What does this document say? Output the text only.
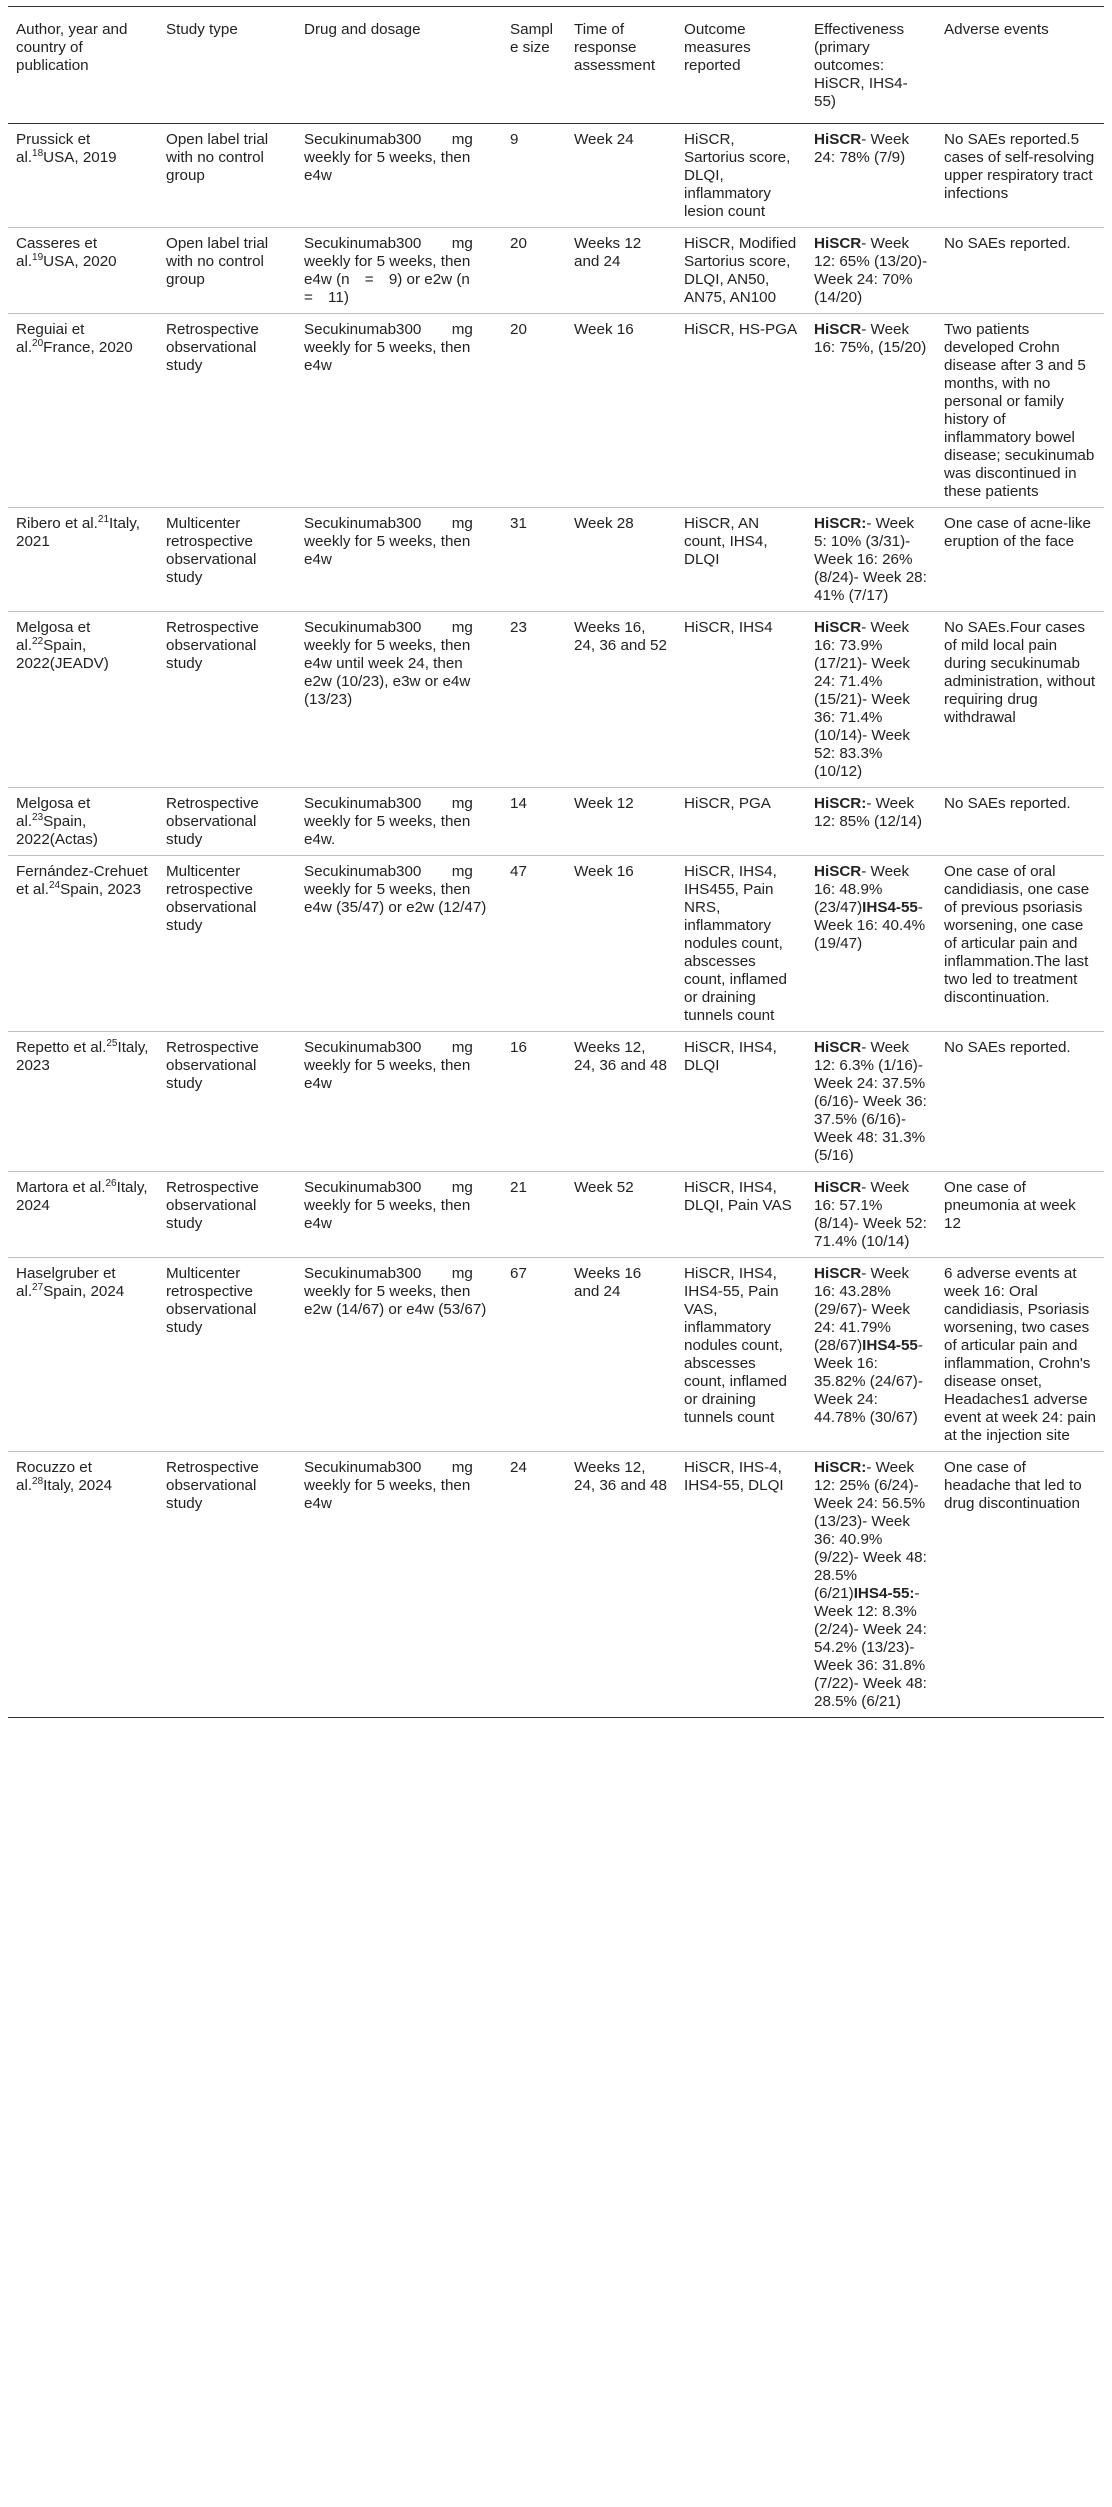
Author, year and country of publication	Study type	Drug and dosage	Sample size	Time of response assessment	Outcome measures reported	Effectiveness (primary outcomes: HiSCR, IHS4-55)	Adverse events
Prussick et al.$^{18}$USA, 2019	Open label trial with no control group	Secukinumab300    mg weekly for 5 weeks, then e4w	9	Week 24	HiSCR, Sartorius score, DLQI, inflammatory lesion count	HiSCR- Week 24: 78% (7/9)	No SAEs reported.5 cases of self-resolving upper respiratory tract infections
Casseres et al.$^{19}$USA, 2020	Open label trial with no control group	Secukinumab300    mg weekly for 5 weeks, then e4w (n  =  9) or e2w (n  =  11)	20	Weeks 12 and 24	HiSCR, Modified Sartorius score, DLQI, AN50, AN75, AN100	HiSCR- Week 12: 65% (13/20)- Week 24: 70% (14/20)	No SAEs reported.
Reguiai et al.$^{20}$France, 2020	Retrospective observational study	Secukinumab300    mg weekly for 5 weeks, then e4w	20	Week 16	HiSCR, HS-PGA	HiSCR- Week 16: 75%, (15/20)	Two patients developed Crohn disease after 3 and 5 months, with no personal or family history of inflammatory bowel disease; secukinumab was discontinued in these patients
Ribero et al.$^{21}$Italy, 2021	Multicenter retrospective observational study	Secukinumab300    mg weekly for 5 weeks, then e4w	31	Week 28	HiSCR, AN count, IHS4, DLQI	HiSCR:- Week 5: 10% (3/31)- Week 16: 26% (8/24)- Week 28: 41% (7/17)	One case of acne-like eruption of the face
Melgosa et al.$^{22}$Spain, 2022(JEADV)	Retrospective observational study	Secukinumab300    mg weekly for 5 weeks, then e4w until week 24, then e2w (10/23), e3w or e4w (13/23)	23	Weeks 16, 24, 36 and 52	HiSCR, IHS4	HiSCR- Week 16: 73.9% (17/21)- Week 24: 71.4% (15/21)- Week 36: 71.4% (10/14)- Week 52: 83.3% (10/12)	No SAEs.Four cases of mild local pain during secukinumab administration, without requiring drug withdrawal
Melgosa et al.$^{23}$Spain, 2022(Actas)	Retrospective observational study	Secukinumab300    mg weekly for 5 weeks, then e4w.	14	Week 12	HiSCR, PGA	HiSCR:- Week 12: 85% (12/14)	No SAEs reported.
Fernández-Crehuet et al.$^{24}$Spain, 2023	Multicenter retrospective observational study	Secukinumab300    mg weekly for 5 weeks, then e4w (35/47) or e2w (12/47)	47	Week 16	HiSCR, IHS4, IHS455, Pain NRS, inflammatory nodules count, abscesses count, inflamed or draining tunnels count	HiSCR- Week 16: 48.9% (23/47)IHS4-55- Week 16: 40.4% (19/47)	One case of oral candidiasis, one case of previous psoriasis worsening, one case of articular pain and inflammation.The last two led to treatment discontinuation.
Repetto et al.$^{25}$Italy, 2023	Retrospective observational study	Secukinumab300    mg weekly for 5 weeks, then e4w	16	Weeks 12, 24, 36 and 48	HiSCR, IHS4, DLQI	HiSCR- Week 12: 6.3% (1/16)- Week 24: 37.5% (6/16)- Week 36: 37.5% (6/16)- Week 48: 31.3% (5/16)	No SAEs reported.
Martora et al.$^{26}$Italy, 2024	Retrospective observational study	Secukinumab300    mg weekly for 5 weeks, then e4w	21	Week 52	HiSCR, IHS4, DLQI, Pain VAS	HiSCR- Week 16: 57.1% (8/14)- Week 52: 71.4% (10/14)	One case of pneumonia at week 12
Haselgruber et al.$^{27}$Spain, 2024	Multicenter retrospective observational study	Secukinumab300    mg weekly for 5 weeks, then e2w (14/67) or e4w (53/67)	67	Weeks 16 and 24	HiSCR, IHS4, IHS4-55, Pain VAS, inflammatory nodules count, abscesses count, inflamed or draining tunnels count	HiSCR- Week 16: 43.28% (29/67)- Week 24: 41.79% (28/67)IHS4-55- Week 16: 35.82% (24/67)- Week 24: 44.78% (30/67)	6 adverse events at week 16: Oral candidiasis, Psoriasis worsening, two cases of articular pain and inflammation, Crohn's disease onset, Headaches1 adverse event at week 24: pain at the injection site
Rocuzzo et al.$^{28}$Italy, 2024	Retrospective observational study	Secukinumab300    mg weekly for 5 weeks, then e4w	24	Weeks 12, 24, 36 and 48	HiSCR, IHS-4, IHS4-55, DLQI	HiSCR:- Week 12: 25% (6/24)- Week 24: 56.5% (13/23)- Week 36: 40.9% (9/22)- Week 48: 28.5% (6/21)IHS4-55:- Week 12: 8.3% (2/24)- Week 24: 54.2% (13/23)- Week 36: 31.8% (7/22)- Week 48: 28.5% (6/21)	One case of headache that led to drug discontinuation
